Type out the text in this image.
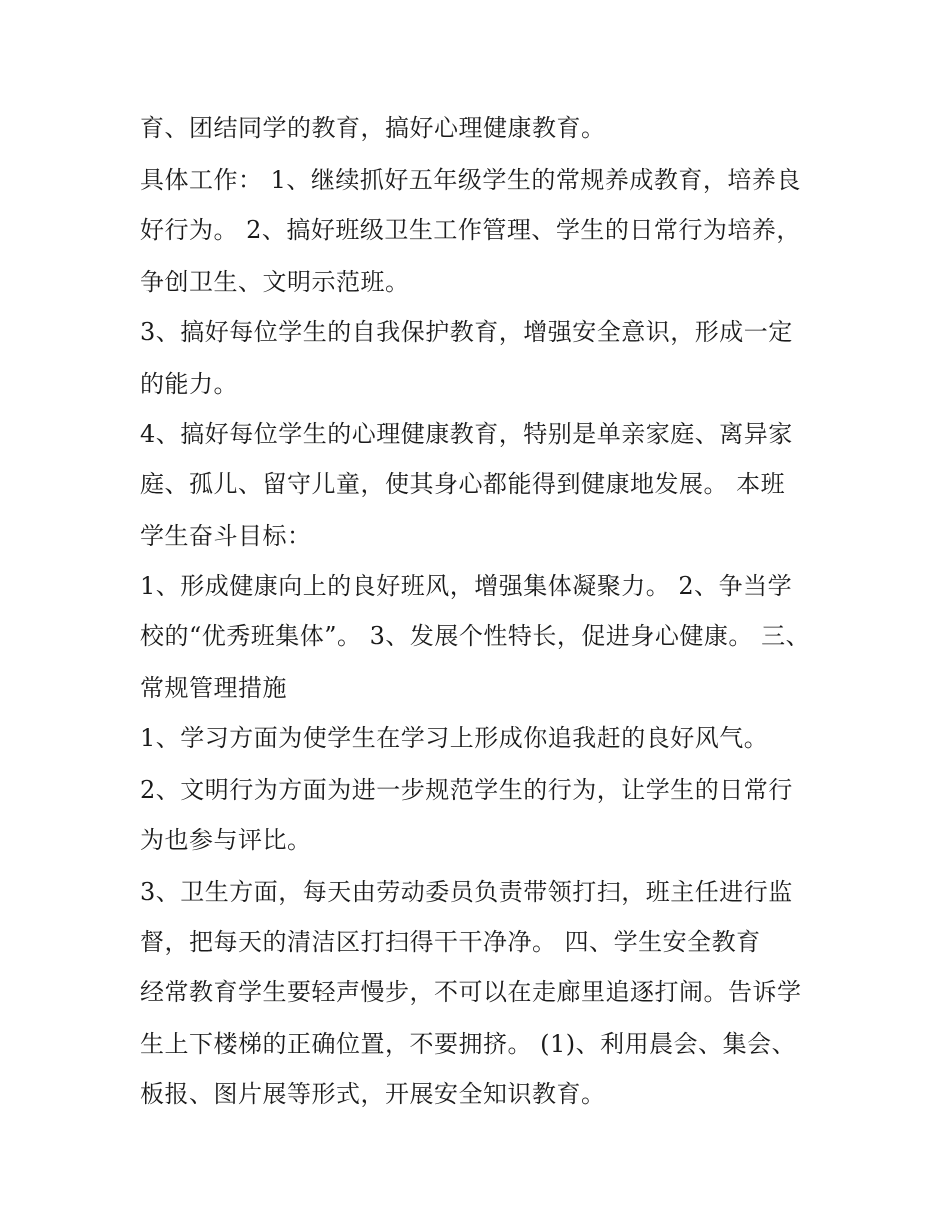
育、团结同学的教育，搞好心理健康教育。

具体工作： 1、继续抓好五年级学生的常规养成教育，培养良

好行为。 2、搞好班级卫生工作管理、学生的日常行为培养，

争创卫生、文明示范班。

3、搞好每位学生的自我保护教育，增强安全意识，形成一定

的能力。

4、搞好每位学生的心理健康教育，特别是单亲家庭、离异家

庭、孤儿、留守儿童，使其身心都能得到健康地发展。 本班

学生奋斗目标：

1、形成健康向上的良好班风，增强集体凝聚力。 2、争当学

校的“优秀班集体”。 3、发展个性特长，促进身心健康。 三、

常规管理措施

1、学习方面为使学生在学习上形成你追我赶的良好风气。

2、文明行为方面为进一步规范学生的行为，让学生的日常行

为也参与评比。

3、卫生方面，每天由劳动委员负责带领打扫，班主任进行监

督，把每天的清洁区打扫得干干净净。 四、学生安全教育

经常教育学生要轻声慢步，不可以在走廊里追逐打闹。告诉学

生上下楼梯的正确位置，不要拥挤。 (1)、利用晨会、集会、

板报、图片展等形式，开展安全知识教育。
